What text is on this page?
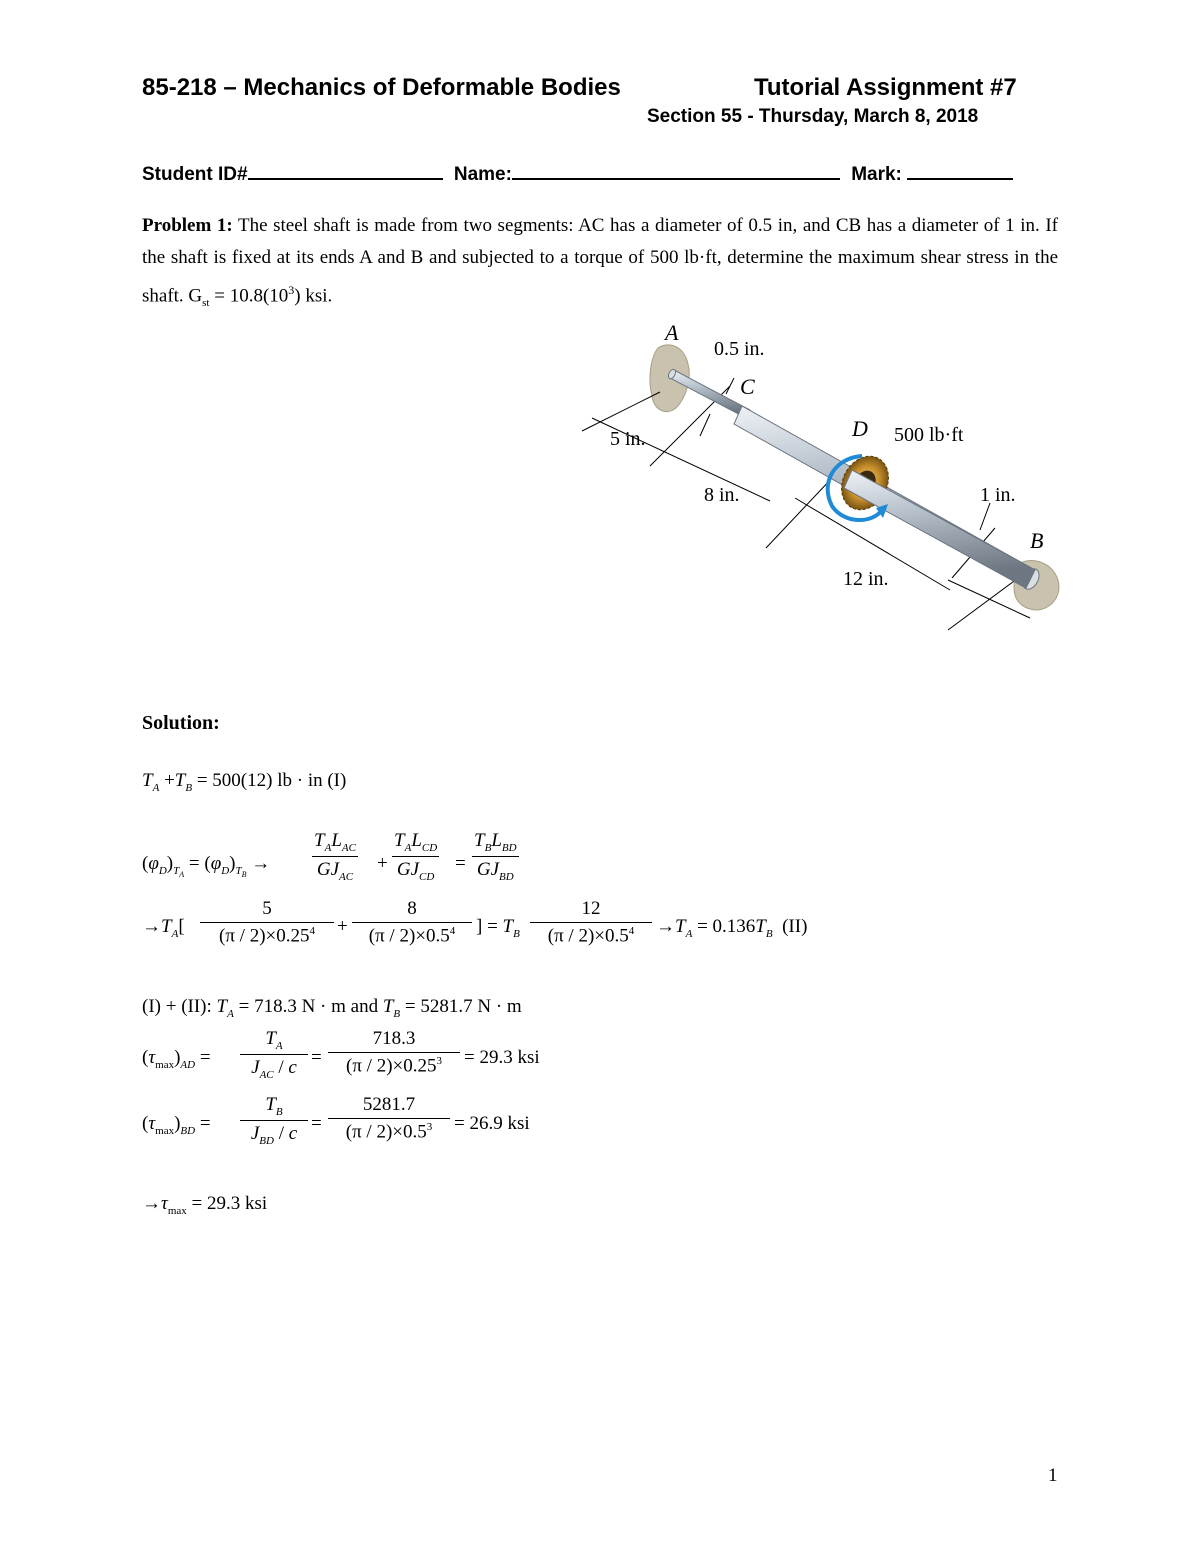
85-218 – Mechanics of Deformable Bodies	Tutorial Assignment #7
Section 55 - Thursday, March 8, 2018
Student ID#	Name:	Mark:
Problem 1: The steel shaft is made from two segments: AC has a diameter of 0.5 in, and CB has a diameter of 1 in. If the shaft is fixed at its ends A and B and subjected to a torque of 500 lb·ft, determine the maximum shear stress in the shaft. $G_{st} = 10.8(10^3)$ ksi.
A
0.5 in.
C
5 in.	D 500 lb·ft
8 in.	1 in.
B
12 in.
Solution:
$T_A +T_B = 500(12)$ lb · in (I)
$(\varphi_D)_{T_A} = (\varphi_D)_{T_B}$ →
$T_AL_{AC}$
$GJ_{AC}$
+
$T_AL_{CD}$
$GJ_{CD}$
=
$T_BL_{BD}$
$GJ_{BD}$
$\to T_A[ \frac{5}{(\pi / 2)\times 0.25^4} + \frac{8}{(\pi / 2)\times 0.5^4}$ ] = $T_B \frac{12}{(\pi / 2)\times 0.5^4} \to T_A = 0.136T_B$ (II)
(I) + (II): $T_A = 718.3$ N · m and $T_B = 5281.7$ N · m
$(\tau_{max})_{AD}$ =
$T_A$
$J_{AC} / c = \frac{718.3}{(\pi / 2)\times 0.25^3} = 29.3$ ksi
$(\tau_{max})_{BD}$ =
$T_B$
$J_{BD} / c = \frac{5281.7}{(\pi / 2)\times 0.5^3} = 26.9$ ksi
$\to\tau_{max} = 29.3$ ksi
1
